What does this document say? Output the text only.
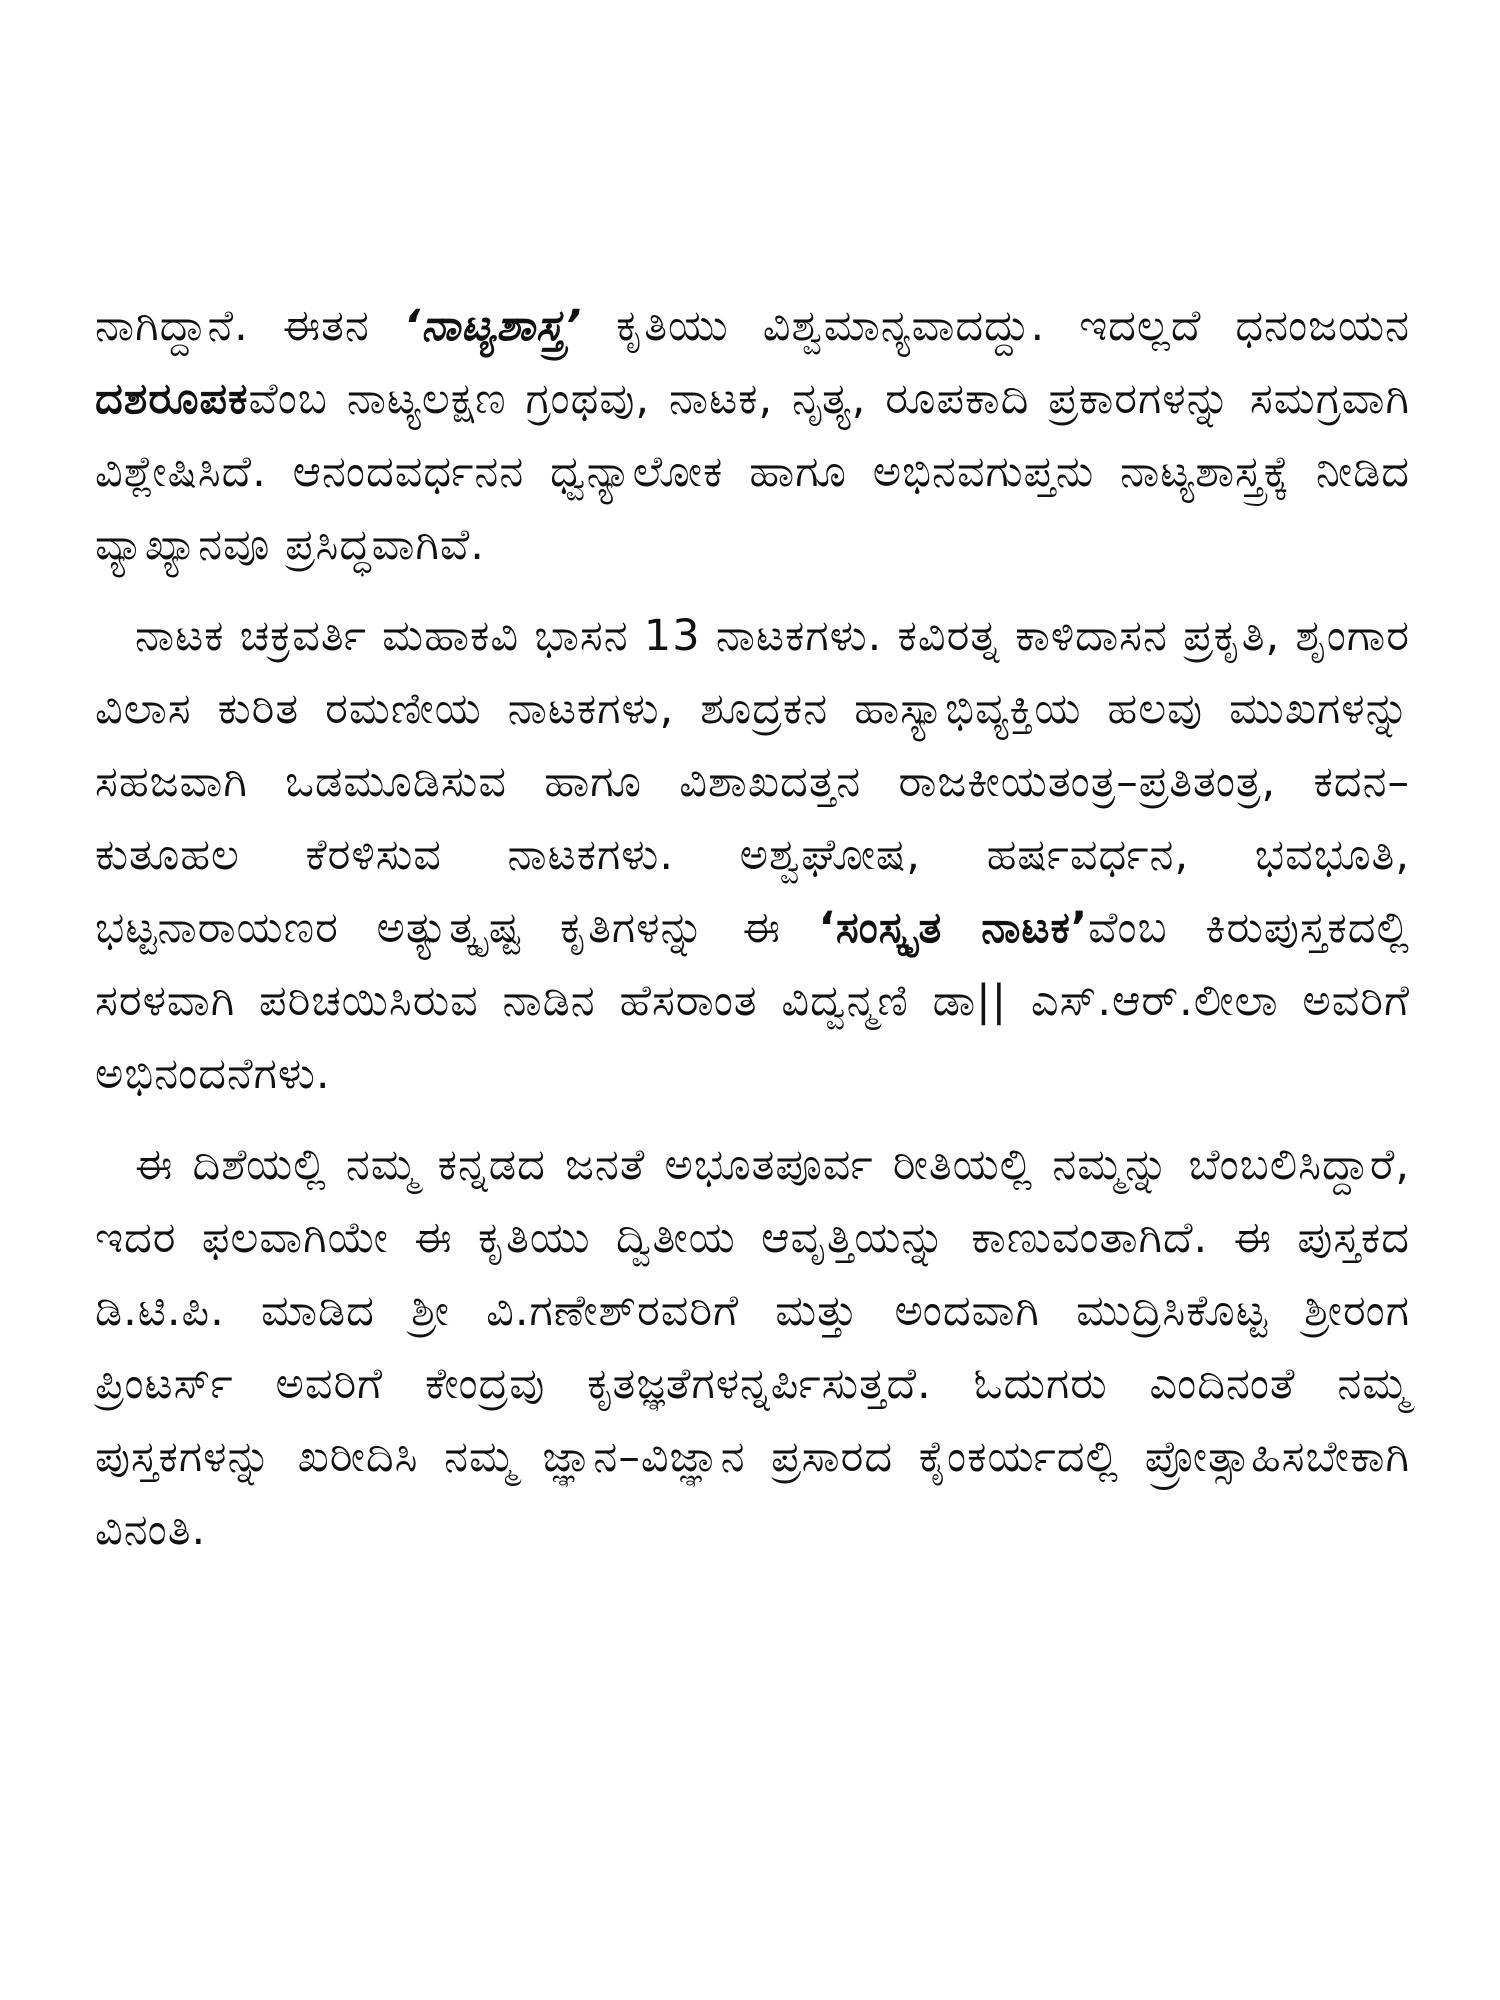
ನಾಗಿದ್ದಾನೆ. ಈತನ ‘ನಾಟ್ಯಶಾಸ್ತ್ರ’ ಕೃತಿಯು ವಿಶ್ವಮಾನ್ಯವಾದದ್ದು. ಇದಲ್ಲದೆ ಧನಂಜಯನ ದಶರೂಪಕವೆಂಬ ನಾಟ್ಯಲಕ್ಷಣ ಗ್ರಂಥವು, ನಾಟಕ, ನೃತ್ಯ, ರೂಪಕಾದಿ ಪ್ರಕಾರಗಳನ್ನು ಸಮಗ್ರವಾಗಿ ವಿಶ್ಲೇಷಿಸಿದೆ. ಆನಂದವರ್ಧನನ ಧ್ವನ್ಯಾಲೋಕ ಹಾಗೂ ಅಭಿನವಗುಪ್ತನು ನಾಟ್ಯಶಾಸ್ತ್ರಕ್ಕೆ ನೀಡಿದ ವ್ಯಾಖ್ಯಾನವೂ ಪ್ರಸಿದ್ಧವಾಗಿವೆ.

ನಾಟಕ ಚಕ್ರವರ್ತಿ ಮಹಾಕವಿ ಭಾಸನ 13 ನಾಟಕಗಳು. ಕವಿರತ್ನ ಕಾಳಿದಾಸನ ಪ್ರಕೃತಿ, ಶೃಂಗಾರ ವಿಲಾಸ ಕುರಿತ ರಮಣೀಯ ನಾಟಕಗಳು, ಶೂದ್ರಕನ ಹಾಸ್ಯಾಭಿವ್ಯಕ್ತಿಯ ಹಲವು ಮುಖಗಳನ್ನು ಸಹಜವಾಗಿ ಒಡಮೂಡಿಸುವ ಹಾಗೂ ವಿಶಾಖದತ್ತನ ರಾಜಕೀಯತಂತ್ರ–ಪ್ರತಿತಂತ್ರ, ಕದನ–ಕುತೂಹಲ ಕೆರಳಿಸುವ ನಾಟಕಗಳು. ಅಶ್ವಘೋಷ, ಹರ್ಷವರ್ಧನ, ಭವಭೂತಿ, ಭಟ್ಟನಾರಾಯಣರ ಅತ್ಯುತ್ಕೃಷ್ಟ ಕೃತಿಗಳನ್ನು ಈ ‘ಸಂಸ್ಕೃತ ನಾಟಕ’ವೆಂಬ ಕಿರುಪುಸ್ತಕದಲ್ಲಿ ಸರಳವಾಗಿ ಪರಿಚಯಿಸಿರುವ ನಾಡಿನ ಹೆಸರಾಂತ ವಿದ್ವನ್ಮಣಿ ಡಾ|| ಎಸ್.ಆರ್.ಲೀಲಾ ಅವರಿಗೆ ಅಭಿನಂದನೆಗಳು.

ಈ ದಿಶೆಯಲ್ಲಿ ನಮ್ಮ ಕನ್ನಡದ ಜನತೆ ಅಭೂತಪೂರ್ವ ರೀತಿಯಲ್ಲಿ ನಮ್ಮನ್ನು ಬೆಂಬಲಿಸಿದ್ದಾರೆ, ಇದರ ಫಲವಾಗಿಯೇ ಈ ಕೃತಿಯು ದ್ವಿತೀಯ ಆವೃತ್ತಿಯನ್ನು ಕಾಣುವಂತಾಗಿದೆ. ಈ ಪುಸ್ತಕದ ಡಿ.ಟಿ.ಪಿ. ಮಾಡಿದ ಶ್ರೀ ವಿ.ಗಣೇಶ್‌ರವರಿಗೆ ಮತ್ತು ಅಂದವಾಗಿ ಮುದ್ರಿಸಿಕೊಟ್ಟ ಶ್ರೀರಂಗ ಪ್ರಿಂಟರ್ಸ್ ಅವರಿಗೆ ಕೇಂದ್ರವು ಕೃತಜ್ಞತೆಗಳನ್ನರ್ಪಿಸುತ್ತದೆ. ಓದುಗರು ಎಂದಿನಂತೆ ನಮ್ಮ ಪುಸ್ತಕಗಳನ್ನು ಖರೀದಿಸಿ ನಮ್ಮ ಜ್ಞಾನ–ವಿಜ್ಞಾನ ಪ್ರಸಾರದ ಕೈಂಕರ್ಯದಲ್ಲಿ ಪ್ರೋತ್ಸಾಹಿಸಬೇಕಾಗಿ ವಿನಂತಿ.
